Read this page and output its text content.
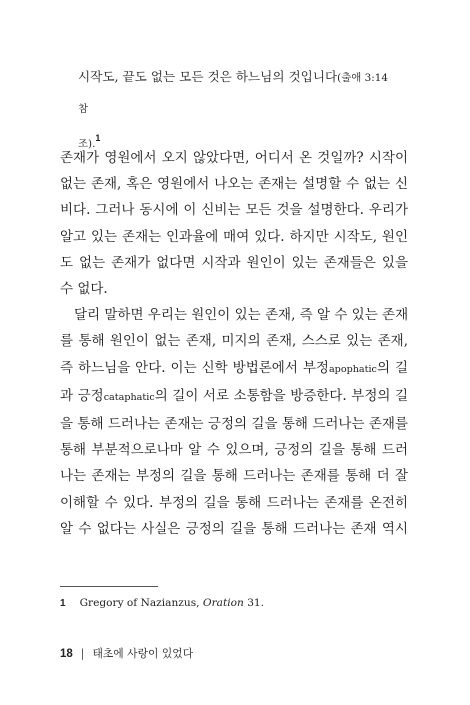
시작도, 끝도 없는 모든 것은 하느님의 것입니다(출애 3:14 참
조).$^1$
존재가 영원에서 오지 않았다면, 어디서 온 것일까? 시작이
없는 존재, 혹은 영원에서 나오는 존재는 설명할 수 없는 신
비다. 그러나 동시에 이 신비는 모든 것을 설명한다. 우리가
알고 있는 존재는 인과율에 매여 있다. 하지만 시작도, 원인
도 없는 존재가 없다면 시작과 원인이 있는 존재들은 있을
수 없다.
달리 말하면 우리는 원인이 있는 존재, 즉 알 수 있는 존재
를 통해 원인이 없는 존재, 미지의 존재, 스스로 있는 존재,
즉 하느님을 안다. 이는 신학 방법론에서 부정apophatic의 길
과 긍정cataphatic의 길이 서로 소통함을 방증한다. 부정의 길
을 통해 드러나는 존재는 긍정의 길을 통해 드러나는 존재를
통해 부분적으로나마 알 수 있으며, 긍정의 길을 통해 드러
나는 존재는 부정의 길을 통해 드러나는 존재를 통해 더 잘
이해할 수 있다. 부정의 길을 통해 드러나는 존재를 온전히
알 수 없다는 사실은 긍정의 길을 통해 드러나는 존재 역시
1 Gregory of Nazianzus, Oration 31.
18 | 태초에 사랑이 있었다
